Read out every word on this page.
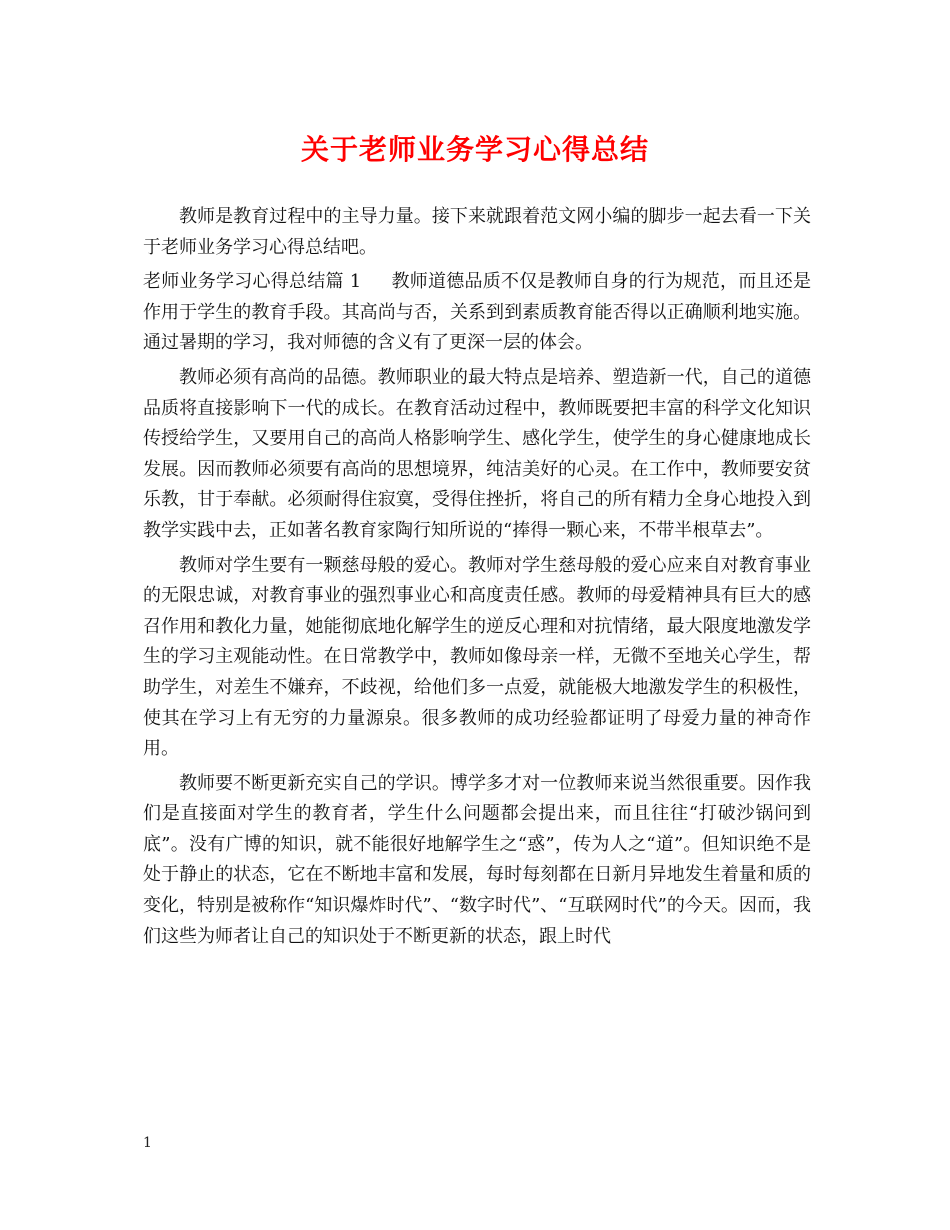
关于老师业务学习心得总结

教师是教育过程中的主导力量。接下来就跟着范文网小编的脚步一起去看一下关于老师业务学习心得总结吧。

老师业务学习心得总结篇 1 教师道德品质不仅是教师自身的行为规范，而且还是作用于学生的教育手段。其高尚与否，关系到到素质教育能否得以正确顺利地实施。通过暑期的学习，我对师德的含义有了更深一层的体会。

教师必须有高尚的品德。教师职业的最大特点是培养、塑造新一代，自己的道德品质将直接影响下一代的成长。在教育活动过程中，教师既要把丰富的科学文化知识传授给学生，又要用自己的高尚人格影响学生、感化学生，使学生的身心健康地成长发展。因而教师必须要有高尚的思想境界，纯洁美好的心灵。在工作中，教师要安贫乐教，甘于奉献。必须耐得住寂寞，受得住挫折，将自己的所有精力全身心地投入到教学实践中去，正如著名教育家陶行知所说的“捧得一颗心来，不带半根草去”。

教师对学生要有一颗慈母般的爱心。教师对学生慈母般的爱心应来自对教育事业的无限忠诚，对教育事业的强烈事业心和高度责任感。教师的母爱精神具有巨大的感召作用和教化力量，她能彻底地化解学生的逆反心理和对抗情绪，最大限度地激发学生的学习主观能动性。在日常教学中，教师如像母亲一样，无微不至地关心学生，帮助学生，对差生不嫌弃，不歧视，给他们多一点爱，就能极大地激发学生的积极性，使其在学习上有无穷的力量源泉。很多教师的成功经验都证明了母爱力量的神奇作用。

教师要不断更新充实自己的学识。博学多才对一位教师来说当然很重要。因作我们是直接面对学生的教育者，学生什么问题都会提出来，而且往往“打破沙锅问到底”。没有广博的知识，就不能很好地解学生之“惑”，传为人之“道”。但知识绝不是处于静止的状态，它在不断地丰富和发展，每时每刻都在日新月异地发生着量和质的变化，特别是被称作“知识爆炸时代”、“数字时代”、“互联网时代”的今天。因而，我们这些为师者让自己的知识处于不断更新的状态，跟上时代

1
